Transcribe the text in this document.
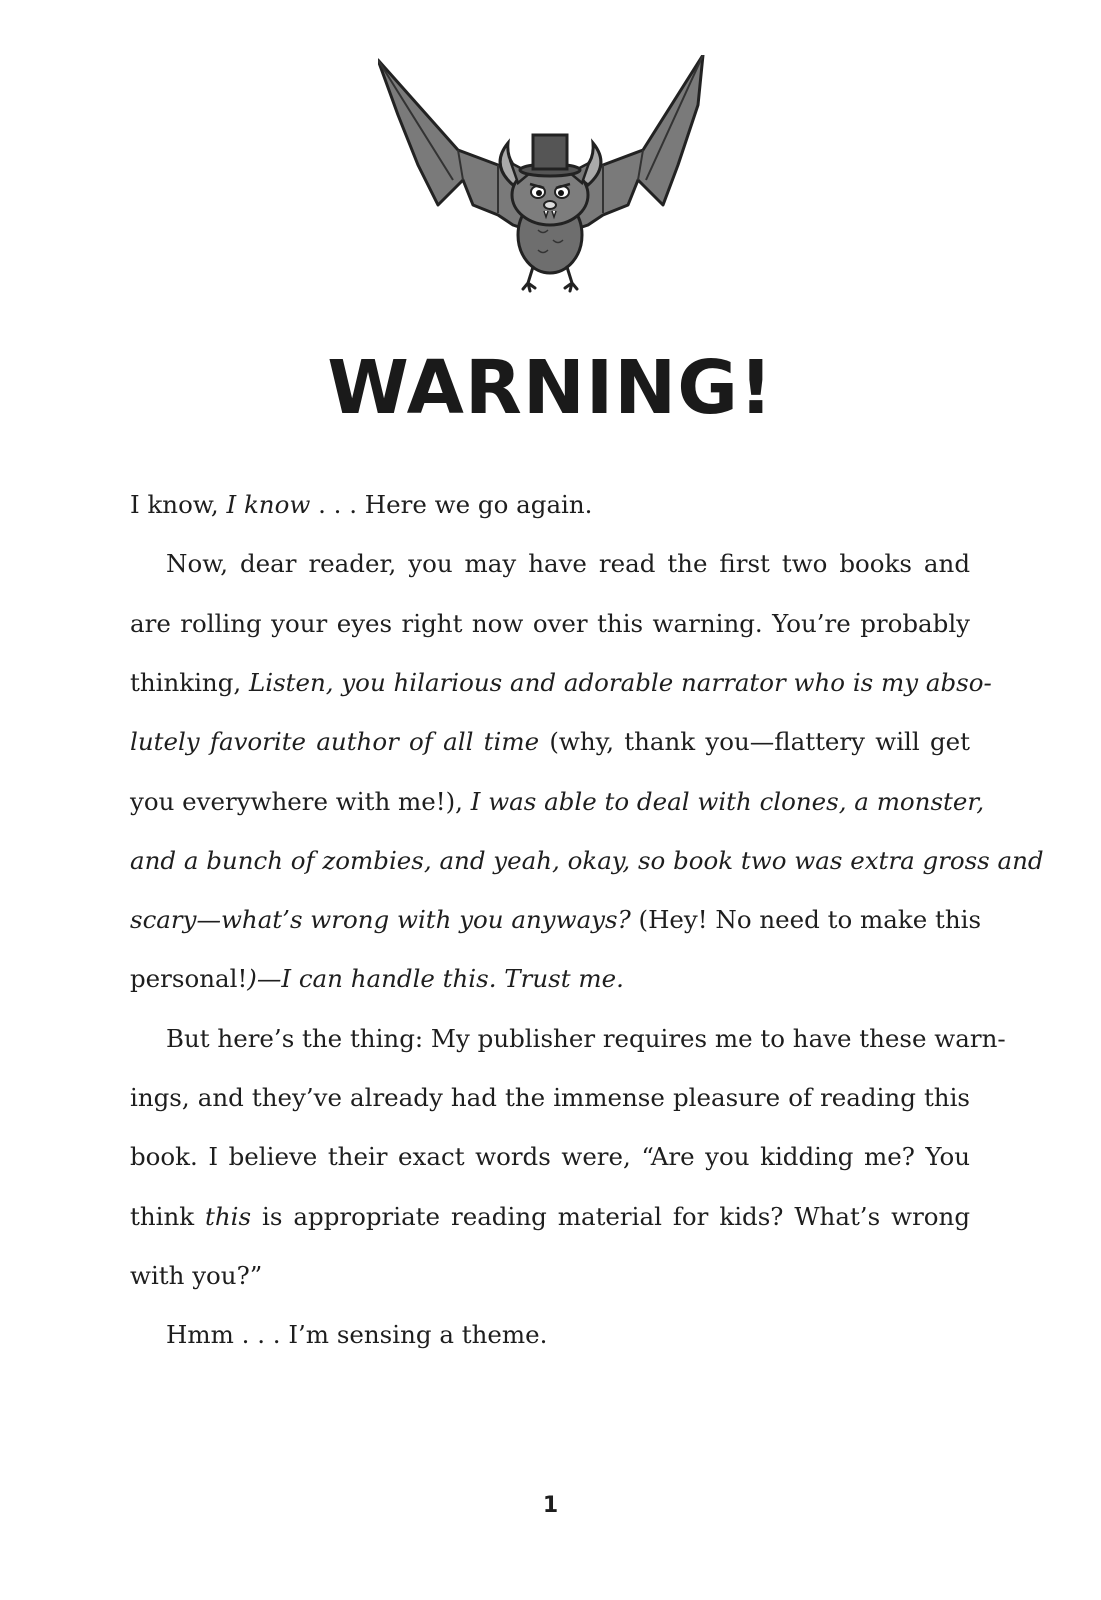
WARNING!
I know, I know . . . Here we go again.
Now, dear reader, you may have read the first two books and
are rolling your eyes right now over this warning. You’re probably
thinking, Listen, you hilarious and adorable narrator who is my abso-
lutely favorite author of all time (why, thank you—flattery will get
you everywhere with me!), I was able to deal with clones, a monster,
and a bunch of zombies, and yeah, okay, so book two was extra gross and
scary—what’s wrong with you anyways? (Hey! No need to make this
personal!)—I can handle this. Trust me.
But here’s the thing: My publisher requires me to have these warn-
ings, and they’ve already had the immense pleasure of reading this
book. I believe their exact words were, “Are you kidding me? You
think this is appropriate reading material for kids? What’s wrong
with you?”
Hmm . . . I’m sensing a theme.
1
